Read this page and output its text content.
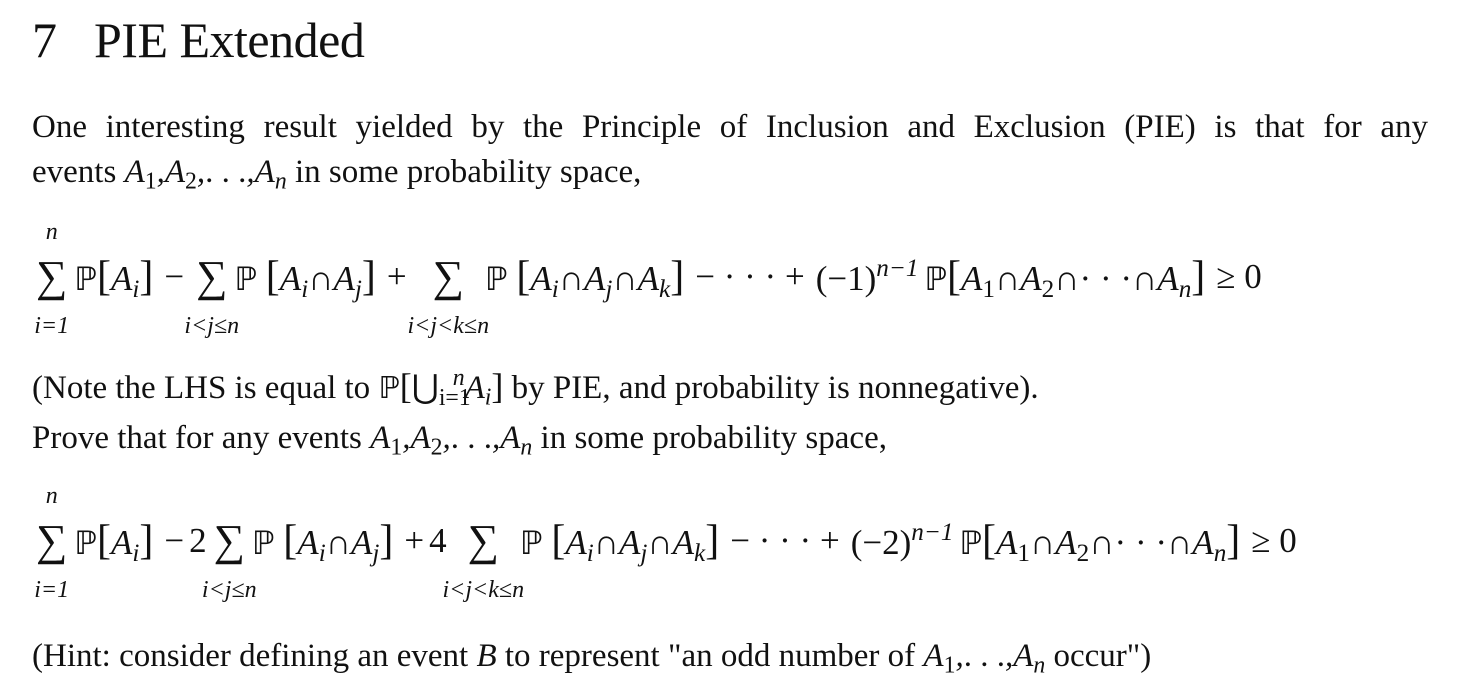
7 PIE Extended
One interesting result yielded by the Principle of Inclusion and Exclusion (PIE) is that for any
events $A_1,A_2$,. . $.,A_n$ in some probability space,
n
∑
i=1
$ℙ[A_i]$ − ∑
i<j≤n
ℙ $[A_i\cap A_j]$ + ∑
i<j<k≤n
ℙ $[A_i\cap A_j\cap A_k]$ − · · · + $(-1)^{n-1}$ $ℙ[A_1\cap A_2\cap\cdot$ · $\cdot\cap A_n] \ge 0$
(Note the LHS is equal to $ℙ[⋃_{i=1}^nA_i]$ by PIE, and probability is nonnegative).
Prove that for any events $A_1,A_2$,. . $.,A_n$ in some probability space,
n
∑
i=1
$ℙ[A_i] - 2$ ∑
i<j≤n
ℙ $[A_i\cap A_j] + 4$ ∑
i<j<k≤n
ℙ $[A_i\cap A_j\cap A_k]$ − · · · + $(-2)^{n-1}$ $ℙ[A_1\cap A_2\cap\cdot$ · $\cdot\cap A_n] \ge 0$
(Hint: consider defining an event B to represent "an odd number of $A_1$,. . $.,A_n$ occur")
